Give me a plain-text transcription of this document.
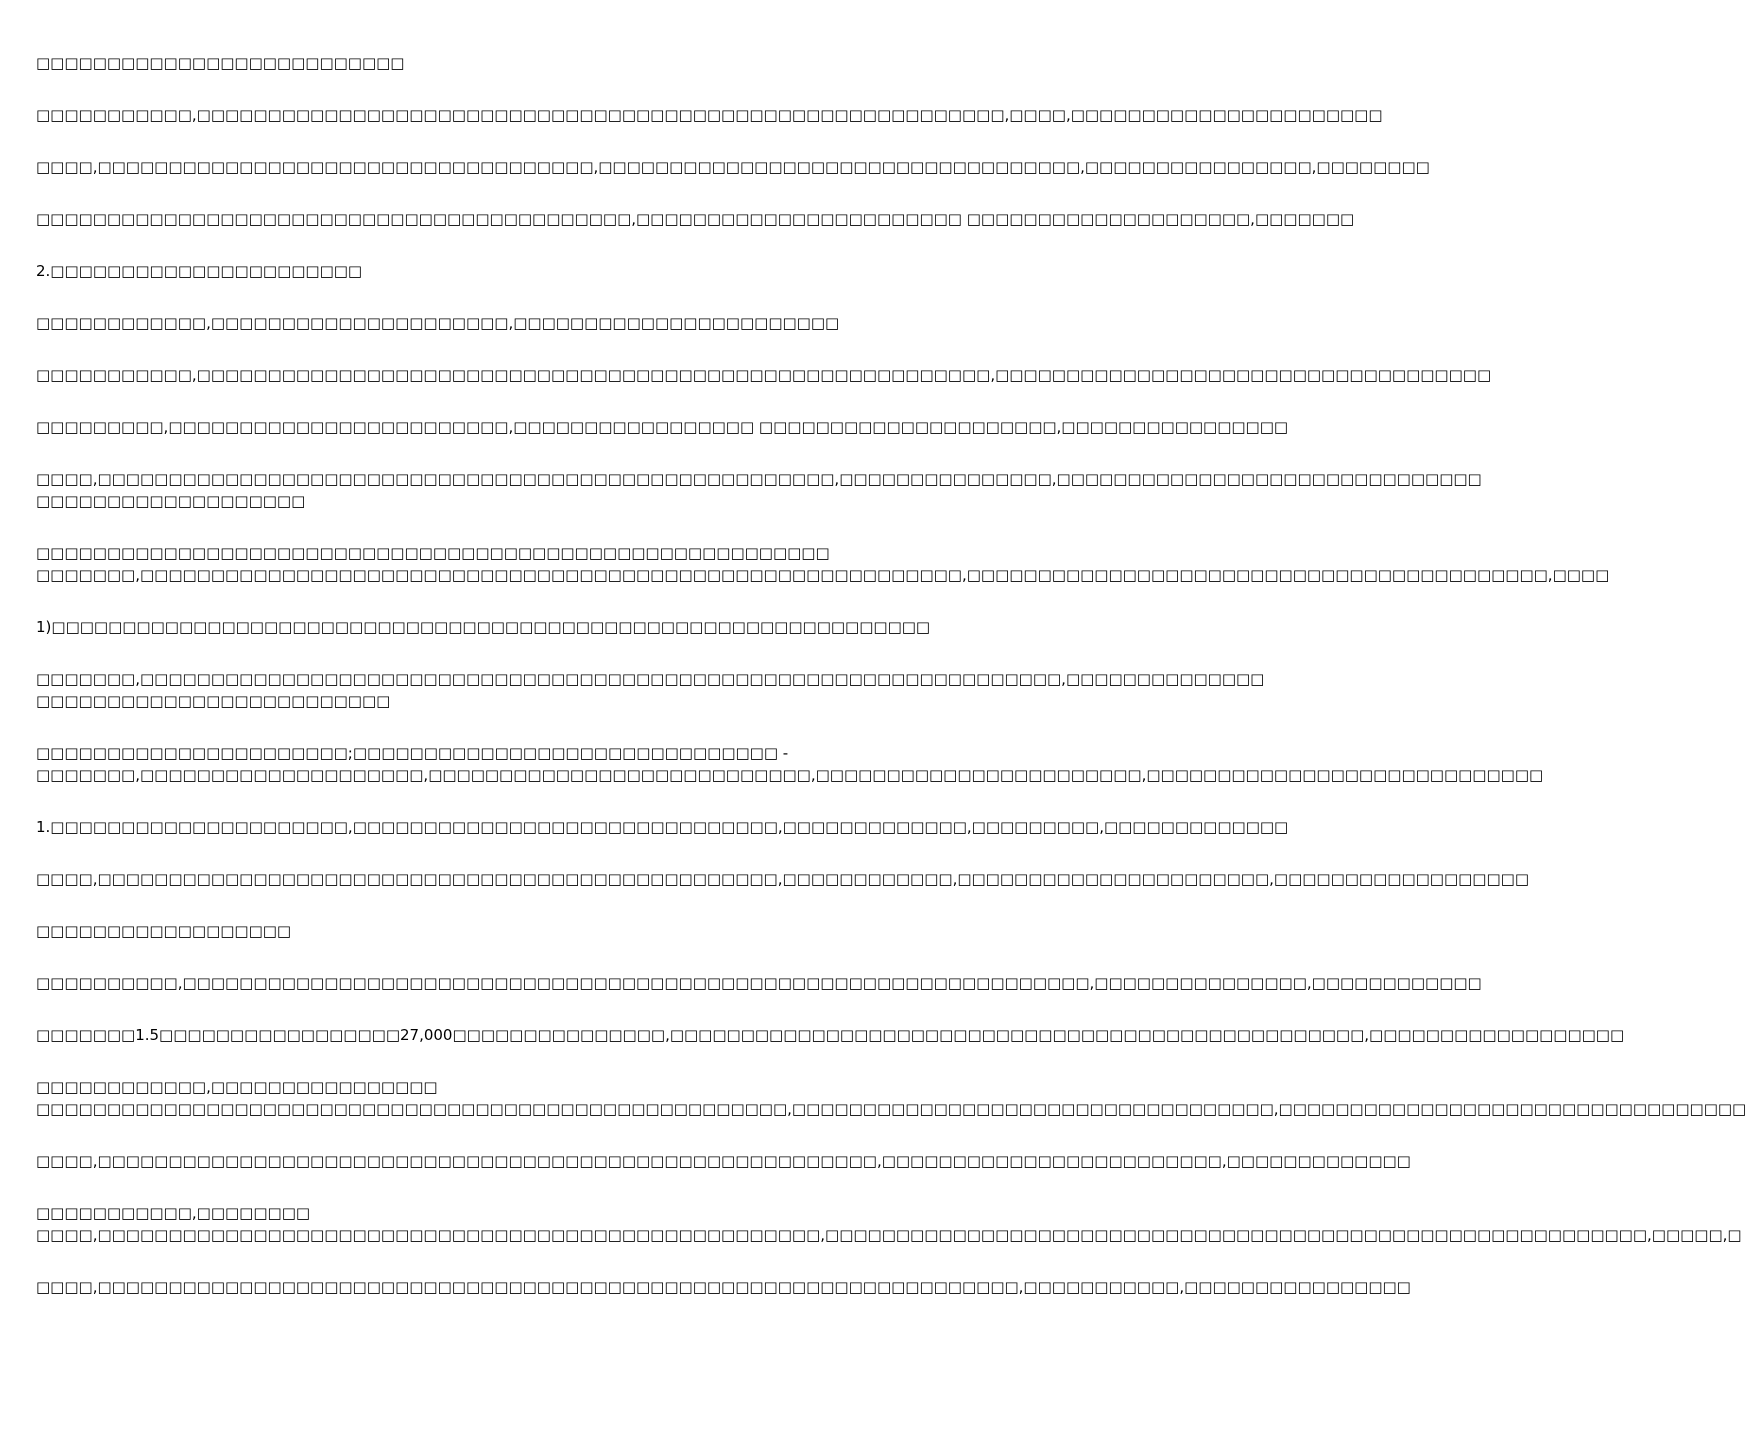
□□□□□□□□□□□□□□□□□□□□□□□□□□
□□□□□□□□□□□,□□□□□□□□□□□□□□□□□□□□□□□□□□□□□□□□□□□□□□□□□□□□□□□□□□□□□□□□□,□□□□,□□□□□□□□□□□□□□□□□□□□□□
□□□□,□□□□□□□□□□□□□□□□□□□□□□□□□□□□□□□□□□□,□□□□□□□□□□□□□□□□□□□□□□□□□□□□□□□□□□,□□□□□□□□□□□□□□□□,□□□□□□□□
□□□□□□□□□□□□□□□□□□□□□□□□□□□□□□□□□□□□□□□□□□,□□□□□□□□□□□□□□□□□□□□□□□ □□□□□□□□□□□□□□□□□□□□,□□□□□□□
2.□□□□□□□□□□□□□□□□□□□□□□
□□□□□□□□□□□□,□□□□□□□□□□□□□□□□□□□□□,□□□□□□□□□□□□□□□□□□□□□□□
□□□□□□□□□□□,□□□□□□□□□□□□□□□□□□□□□□□□□□□□□□□□□□□□□□□□□□□□□□□□□□□□□□□□,□□□□□□□□□□□□□□□□□□□□□□□□□□□□□□□□□□□
□□□□□□□□□,□□□□□□□□□□□□□□□□□□□□□□□□,□□□□□□□□□□□□□□□□□ □□□□□□□□□□□□□□□□□□□□□,□□□□□□□□□□□□□□□□
□□□□,□□□□□□□□□□□□□□□□□□□□□□□□□□□□□□□□□□□□□□□□□□□□□□□□□□□□,□□□□□□□□□□□□□□□,□□□□□□□□□□□□□□□□□□□□□□□□□□□□□□
□□□□□□□□□□□□□□□□□□□
□□□□□□□□□□□□□□□□□□□□□□□□□□□□□□□□□□□□□□□□□□□□□□□□□□□□□□□□
□□□□□□□,□□□□□□□□□□□□□□□□□□□□□□□□□□□□□□□□□□□□□□□□□□□□□□□□□□□□□□□□□□,□□□□□□□□□□□□□□□□□□□□□□□□□□□□□□□□□□□□□□□□□,□□□□
1)□□□□□□□□□□□□□□□□□□□□□□□□□□□□□□□□□□□□□□□□□□□□□□□□□□□□□□□□□□□□□□
□□□□□□□,□□□□□□□□□□□□□□□□□□□□□□□□□□□□□□□□□□□□□□□□□□□□□□□□□□□□□□□□□□□□□□□□□,□□□□□□□□□□□□□□
□□□□□□□□□□□□□□□□□□□□□□□□□
□□□□□□□□□□□□□□□□□□□□□□;□□□□□□□□□□□□□□□□□□□□□□□□□□□□□□ -
□□□□□□□,□□□□□□□□□□□□□□□□□□□□,□□□□□□□□□□□□□□□□□□□□□□□□□□□,□□□□□□□□□□□□□□□□□□□□□□□,□□□□□□□□□□□□□□□□□□□□□□□□□□□□
1.□□□□□□□□□□□□□□□□□□□□□,□□□□□□□□□□□□□□□□□□□□□□□□□□□□□□,□□□□□□□□□□□□□,□□□□□□□□□,□□□□□□□□□□□□□
□□□□,□□□□□□□□□□□□□□□□□□□□□□□□□□□□□□□□□□□□□□□□□□□□□□□□,□□□□□□□□□□□□,□□□□□□□□□□□□□□□□□□□□□□,□□□□□□□□□□□□□□□□□□
□□□□□□□□□□□□□□□□□□
□□□□□□□□□□,□□□□□□□□□□□□□□□□□□□□□□□□□□□□□□□□□□□□□□□□□□□□□□□□□□□□□□□□□□□□□□□□,□□□□□□□□□□□□□□□,□□□□□□□□□□□□
□□□□□□□1.5□□□□□□□□□□□□□□□□□27,000□□□□□□□□□□□□□□□,□□□□□□□□□□□□□□□□□□□□□□□□□□□□□□□□□□□□□□□□□□□□□□□□□,□□□□□□□□□□□□□□□□□□
□□□□□□□□□□□□,□□□□□□□□□□□□□□□□
□□□□□□□□□□□□□□□□□□□□□□□□□□□□□□□□□□□□□□□□□□□□□□□□□□□□□,□□□□□□□□□□□□□□□□□□□□□□□□□□□□□□□□□□,□□□□□□□□□□□□□□□□□□□□□□□□□□□□□□□□□
□□□□,□□□□□□□□□□□□□□□□□□□□□□□□□□□□□□□□□□□□□□□□□□□□□□□□□□□□□□□,□□□□□□□□□□□□□□□□□□□□□□□□,□□□□□□□□□□□□□
□□□□□□□□□□□,□□□□□□□□
□□□□,□□□□□□□□□□□□□□□□□□□□□□□□□□□□□□□□□□□□□□□□□□□□□□□□□□□,□□□□□□□□□□□□□□□□□□□□□□□□□□□□□□□□□□□□□□□□□□□□□□□□□□□□□□□□□□,□□□□□,□
□□□□,□□□□□□□□□□□□□□□□□□□□□□□□□□□□□□□□□□□□□□□□□□□□□□□□□□□□□□□□□□□□□□□□□,□□□□□□□□□□□,□□□□□□□□□□□□□□□□
